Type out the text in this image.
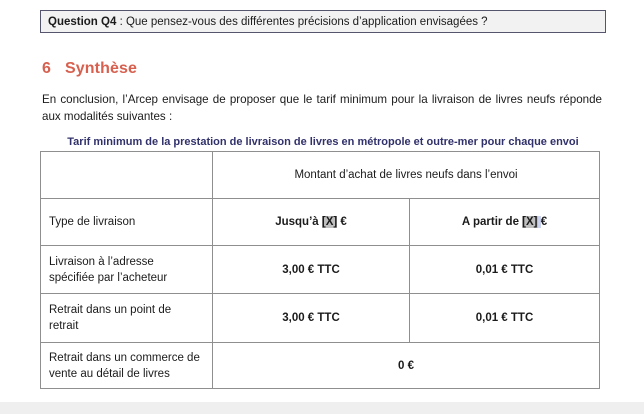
Question Q4 : Que pensez-vous des différentes précisions d’application envisagées ?
6 Synthèse

En conclusion, l’Arcep envisage de proposer que le tarif minimum pour la livraison de livres neufs réponde aux modalités suivantes :

Tarif minimum de la prestation de livraison de livres en métropole et outre-mer pour chaque envoi
	Montant d’achat de livres neufs dans l’envoi	
Type de livraison	Jusqu’à [X] €	A partir de [X] €
Livraison à l’adresse spécifiée par l’acheteur	3,00 € TTC	0,01 € TTC
Retrait dans un point de retrait	3,00 € TTC	0,01 € TTC
Retrait dans un commerce de vente au détail de livres	0 €	
